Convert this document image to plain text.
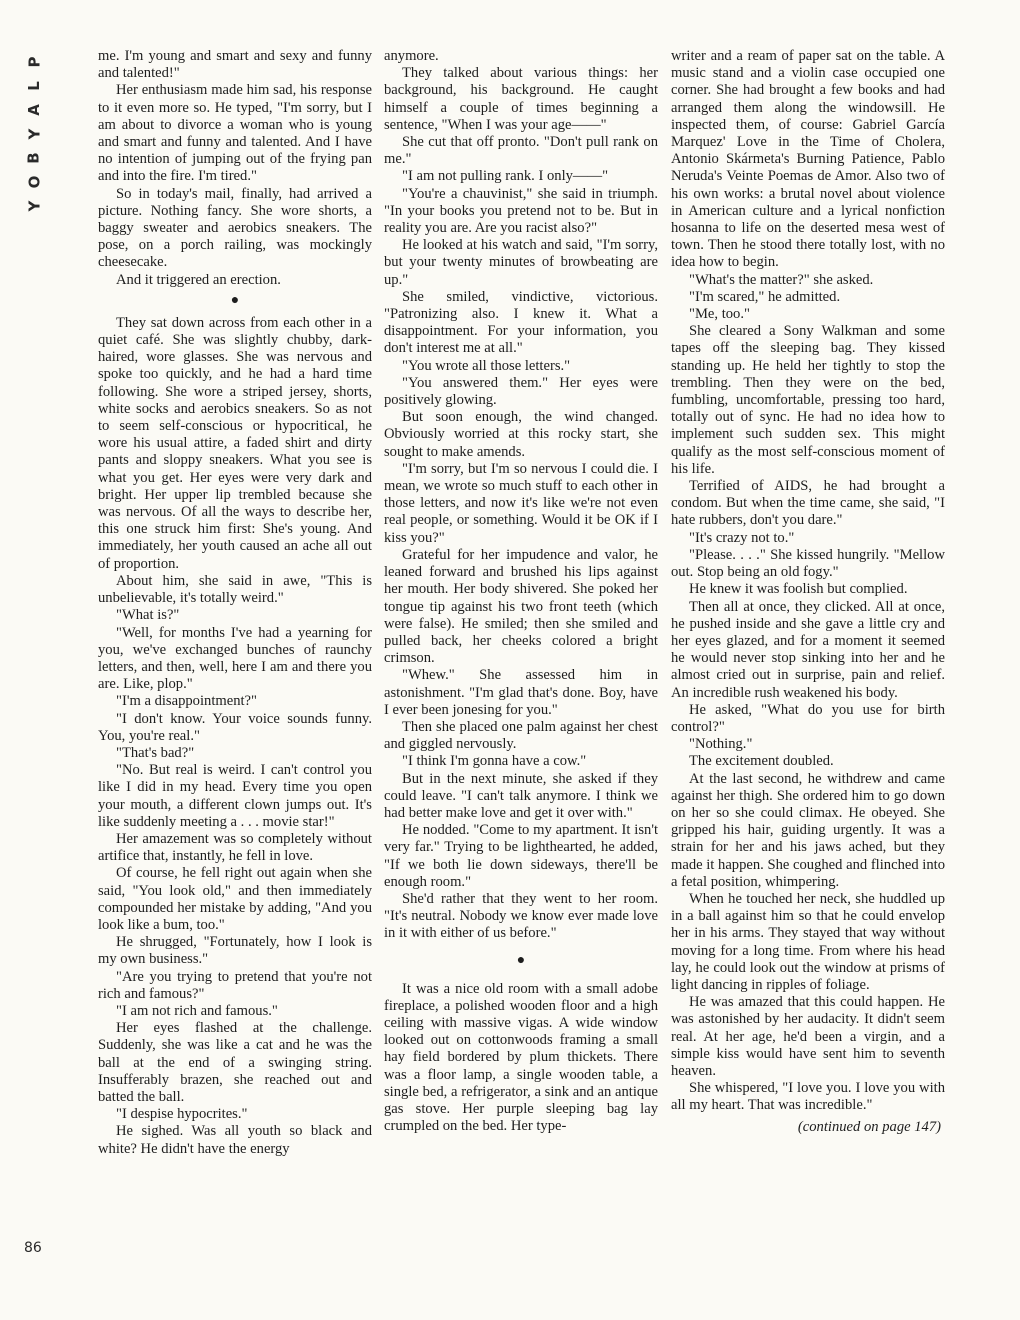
P
L
A
Y
B
O
Y

me. I'm young and smart and sexy and funny and talented!"

Her enthusiasm made him sad, his response to it even more so. He typed, "I'm sorry, but I am about to divorce a woman who is young and smart and funny and talented. And I have no intention of jumping out of the frying pan and into the fire. I'm tired."

So in today's mail, finally, had arrived a picture. Nothing fancy. She wore shorts, a baggy sweater and aerobics sneakers. The pose, on a porch railing, was mockingly cheesecake.

And it triggered an erection.

●

They sat down across from each other in a quiet café. She was slightly chubby, dark-haired, wore glasses. She was nervous and spoke too quickly, and he had a hard time following. She wore a striped jersey, shorts, white socks and aerobics sneakers. So as not to seem self-conscious or hypocritical, he wore his usual attire, a faded shirt and dirty pants and sloppy sneakers. What you see is what you get. Her eyes were very dark and bright. Her upper lip trembled because she was nervous. Of all the ways to describe her, this one struck him first: She's young. And immediately, her youth caused an ache all out of proportion.

About him, she said in awe, "This is unbelievable, it's totally weird."

"What is?"

"Well, for months I've had a yearning for you, we've exchanged bunches of raunchy letters, and then, well, here I am and there you are. Like, plop."

"I'm a disappointment?"

"I don't know. Your voice sounds funny. You, you're real."

"That's bad?"

"No. But real is weird. I can't control you like I did in my head. Every time you open your mouth, a different clown jumps out. It's like suddenly meeting a . . . movie star!"

Her amazement was so completely without artifice that, instantly, he fell in love.

Of course, he fell right out again when she said, "You look old," and then immediately compounded her mistake by adding, "And you look like a bum, too."

He shrugged, "Fortunately, how I look is my own business."

"Are you trying to pretend that you're not rich and famous?"

"I am not rich and famous."

Her eyes flashed at the challenge. Suddenly, she was like a cat and he was the ball at the end of a swinging string. Insufferably brazen, she reached out and batted the ball.

"I despise hypocrites."

He sighed. Was all youth so black and white? He didn't have the energy

anymore.

They talked about various things: her background, his background. He caught himself a couple of times beginning a sentence, "When I was your age——"

She cut that off pronto. "Don't pull rank on me."

"I am not pulling rank. I only——"

"You're a chauvinist," she said in triumph. "In your books you pretend not to be. But in reality you are. Are you racist also?"

He looked at his watch and said, "I'm sorry, but your twenty minutes of browbeating are up."

She smiled, vindictive, victorious. "Patronizing also. I knew it. What a disappointment. For your information, you don't interest me at all."

"You wrote all those letters."

"You answered them." Her eyes were positively glowing.

But soon enough, the wind changed. Obviously worried at this rocky start, she sought to make amends.

"I'm sorry, but I'm so nervous I could die. I mean, we wrote so much stuff to each other in those letters, and now it's like we're not even real people, or something. Would it be OK if I kiss you?"

Grateful for her impudence and valor, he leaned forward and brushed his lips against her mouth. Her body shivered. She poked her tongue tip against his two front teeth (which were false). He smiled; then she smiled and pulled back, her cheeks colored a bright crimson.

"Whew." She assessed him in astonishment. "I'm glad that's done. Boy, have I ever been jonesing for you."

Then she placed one palm against her chest and giggled nervously.

"I think I'm gonna have a cow."

But in the next minute, she asked if they could leave. "I can't talk anymore. I think we had better make love and get it over with."

He nodded. "Come to my apartment. It isn't very far." Trying to be lighthearted, he added, "If we both lie down sideways, there'll be enough room."

She'd rather that they went to her room. "It's neutral. Nobody we know ever made love in it with either of us before."

●

It was a nice old room with a small adobe fireplace, a polished wooden floor and a high ceiling with massive vigas. A wide window looked out on cottonwoods framing a small hay field bordered by plum thickets. There was a floor lamp, a single wooden table, a single bed, a refrigerator, a sink and an antique gas stove. Her purple sleeping bag lay crumpled on the bed. Her type-

writer and a ream of paper sat on the table. A music stand and a violin case occupied one corner. She had brought a few books and had arranged them along the windowsill. He inspected them, of course: Gabriel García Marquez' Love in the Time of Cholera, Antonio Skármeta's Burning Patience, Pablo Neruda's Veinte Poemas de Amor. Also two of his own works: a brutal novel about violence in American culture and a lyrical nonfiction hosanna to life on the deserted mesa west of town. Then he stood there totally lost, with no idea how to begin.

"What's the matter?" she asked.

"I'm scared," he admitted.

"Me, too."

She cleared a Sony Walkman and some tapes off the sleeping bag. They kissed standing up. He held her tightly to stop the trembling. Then they were on the bed, fumbling, uncomfortable, pressing too hard, totally out of sync. He had no idea how to implement such sudden sex. This might qualify as the most self-conscious moment of his life.

Terrified of AIDS, he had brought a condom. But when the time came, she said, "I hate rubbers, don't you dare."

"It's crazy not to."

"Please. . . ." She kissed hungrily. "Mellow out. Stop being an old fogy."

He knew it was foolish but complied.

Then all at once, they clicked. All at once, he pushed inside and she gave a little cry and her eyes glazed, and for a moment it seemed he would never stop sinking into her and he almost cried out in surprise, pain and relief. An incredible rush weakened his body.

He asked, "What do you use for birth control?"

"Nothing."

The excitement doubled.

At the last second, he withdrew and came against her thigh. She ordered him to go down on her so she could climax. He obeyed. She gripped his hair, guiding urgently. It was a strain for her and his jaws ached, but they made it happen. She coughed and flinched into a fetal position, whimpering.

When he touched her neck, she huddled up in a ball against him so that he could envelop her in his arms. They stayed that way without moving for a long time. From where his head lay, he could look out the window at prisms of light dancing in ripples of foliage.

He was amazed that this could happen. He was astonished by her audacity. It didn't seem real. At her age, he'd been a virgin, and a simple kiss would have sent him to seventh heaven.

She whispered, "I love you. I love you with all my heart. That was incredible."

(continued on page 147)

86
